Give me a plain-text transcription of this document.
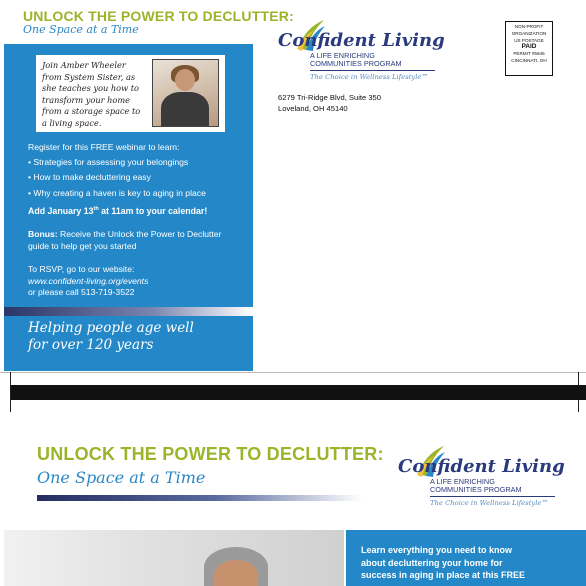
UNLOCK THE POWER TO DECLUTTER:
One Space at a Time
Join Amber Wheeler
from System Sister, as
she teaches you how to
transform your home
from a storage space to
a living space.
Register for this FREE webinar to learn:
• Strategies for assessing your belongings
• How to make decluttering easy
• Why creating a haven is key to aging in place
Add January 13th at 11am to your calendar!
Bonus: Receive the Unlock the Power to Declutter guide to help get you started
To RSVP, go to our website:
www.confident-living.org/events
or please call 513-719-3522
Helping people age well
for over 120 years
Confident Living
A LIFE ENRICHING
COMMUNITIES PROGRAM
The Choice in Wellness Lifestyle™
6279 Tri-Ridge Blvd, Suite 350
Loveland, OH 45140
NON-PROFIT
ORGANIZATION
US POSTAGE
PAID
PERMIT #5645
CINCINNATI, OH
UNLOCK THE POWER TO DECLUTTER:
One Space at a Time
Confident Living
A LIFE ENRICHING
COMMUNITIES PROGRAM
The Choice in Wellness Lifestyle™
Learn everything you need to know
about decluttering your home for
success in aging in place at this FREE
